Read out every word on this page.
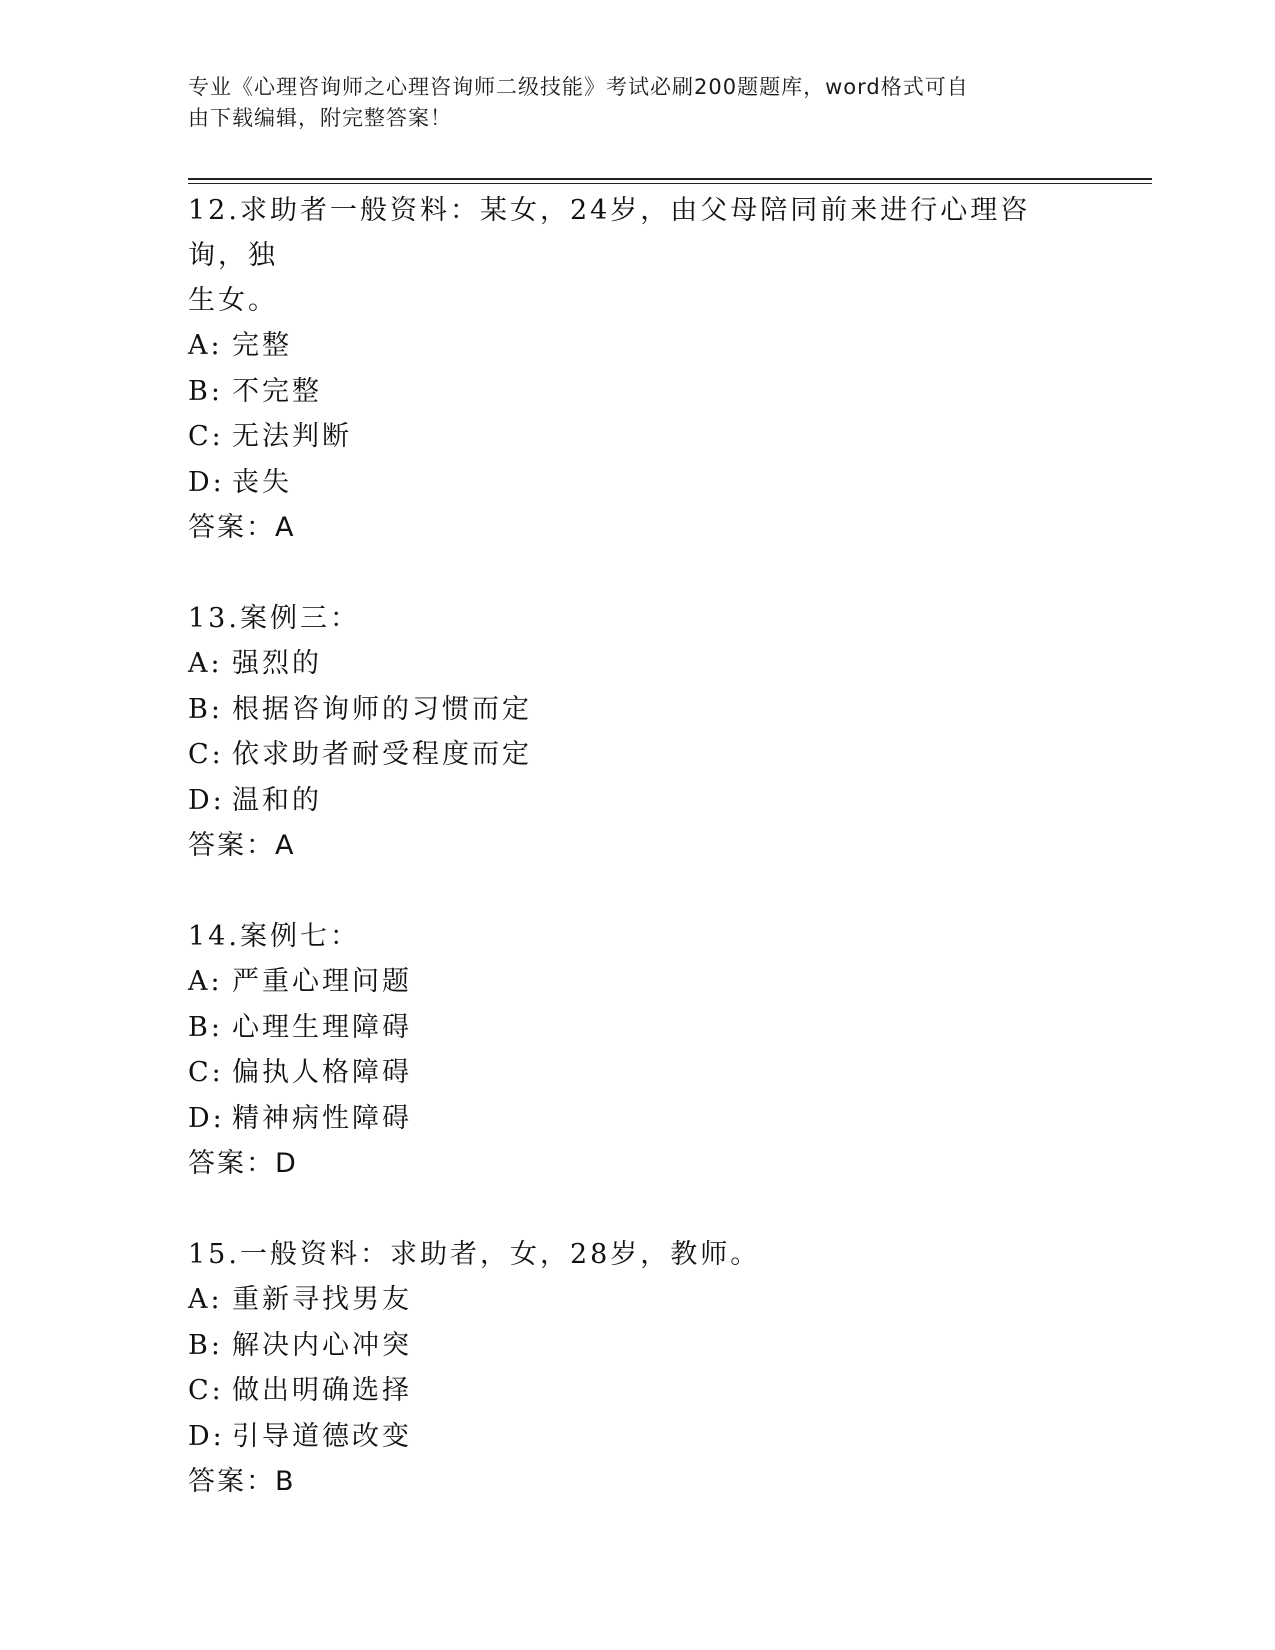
专业《心理咨询师之心理咨询师二级技能》考试必刷200题题库，word格式可自
由下载编辑，附完整答案！
12.求助者一般资料：某女，24岁，由父母陪同前来进行心理咨询，独
生女。
A: 完整
B: 不完整
C: 无法判断
D: 丧失
答案：A
13.案例三：
A: 强烈的
B: 根据咨询师的习惯而定
C: 依求助者耐受程度而定
D: 温和的
答案：A
14.案例七：
A: 严重心理问题
B: 心理生理障碍
C: 偏执人格障碍
D: 精神病性障碍
答案：D
15.一般资料：求助者，女，28岁，教师。
A: 重新寻找男友
B: 解决内心冲突
C: 做出明确选择
D: 引导道德改变
答案：B
